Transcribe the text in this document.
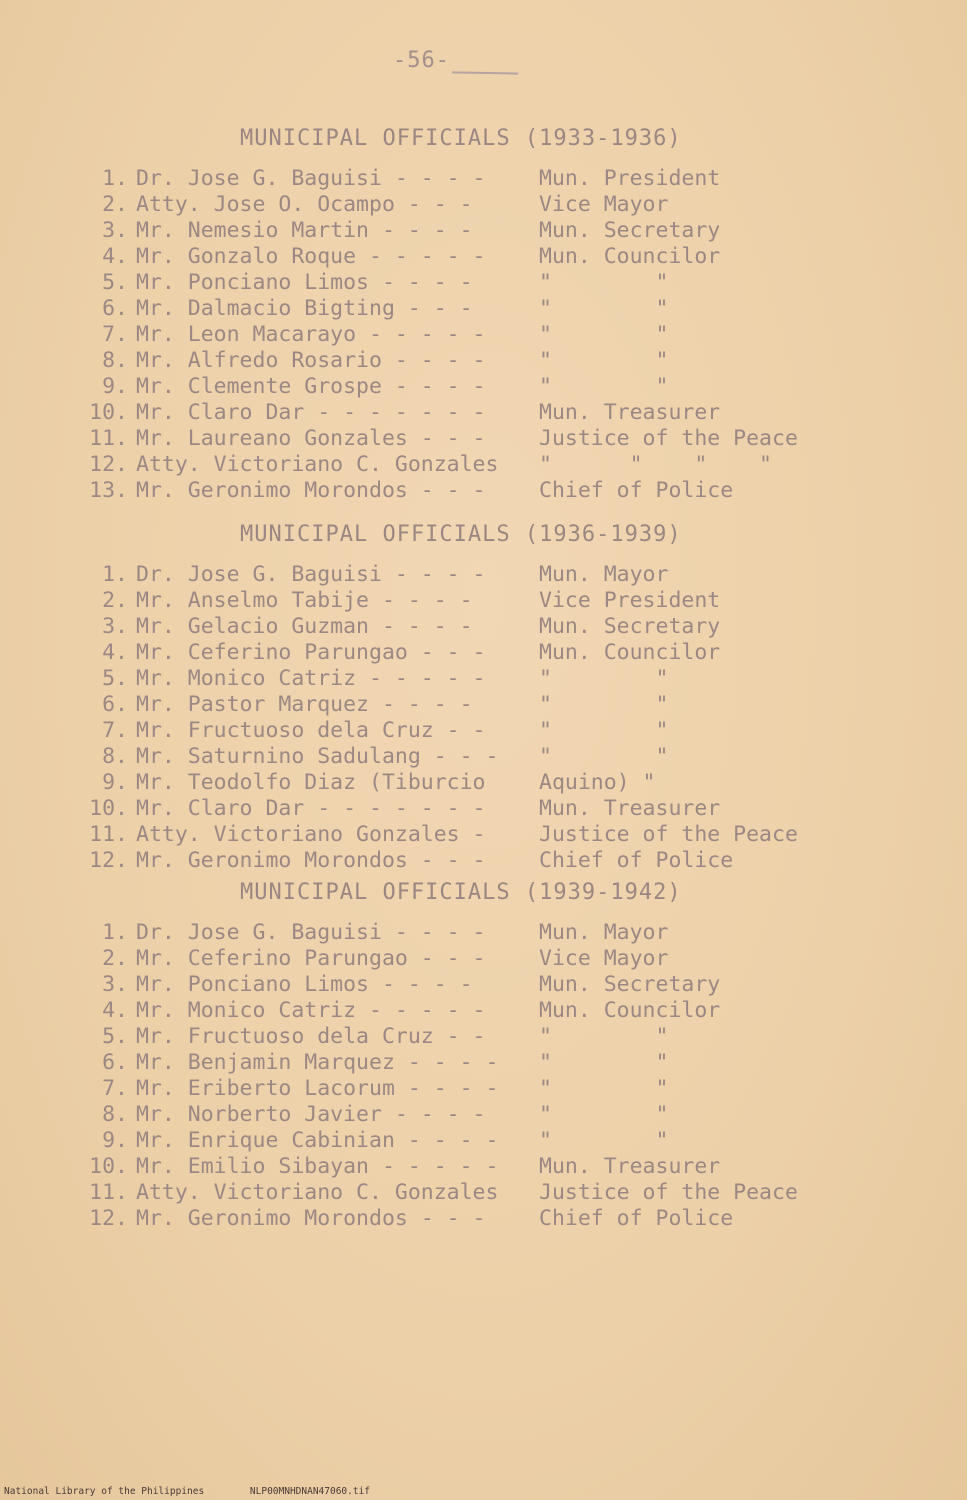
-56-
MUNICIPAL OFFICIALS (1933-1936)
1. Dr. Jose G. Baguisi - - - - Mun. President
2. Atty. Jose O. Ocampo - - -	Vice Mayor
3. Mr. Nemesio Martin - - - -	Mun. Secretary
4. Mr. Gonzalo Roque - - - - - Mun. Councilor
5. Mr. Ponciano Limos - - - -	"        "
6. Mr. Dalmacio Bigting - - -	"        "
7. Mr. Leon Macarayo - - - - - "        "
8. Mr. Alfredo Rosario - - - - "        "
9. Mr. Clemente Grospe - - - - "        "
10. Mr. Claro Dar - - - - - - - Mun. Treasurer
11. Mr. Laureano Gonzales - - - Justice of the Peace
12. Atty. Victoriano C. Gonzales "      "    "    "
13. Mr. Geronimo Morondos - - - Chief of Police
MUNICIPAL OFFICIALS (1936-1939)
1. Dr. Jose G. Baguisi - - - - Mun. Mayor
2. Mr. Anselmo Tabije - - - -	Vice President
3. Mr. Gelacio Guzman - - - -	Mun. Secretary
4. Mr. Ceferino Parungao - - - Mun. Councilor
5. Mr. Monico Catriz - - - - - "        "
6. Mr. Pastor Marquez - - - -	"        "
7. Mr. Fructuoso dela Cruz - - "        "
8. Mr. Saturnino Sadulang - - - "        "
9. Mr. Teodolfo Diaz (Tiburcio Aquino) "
10. Mr. Claro Dar - - - - - - - Mun. Treasurer
11. Atty. Victoriano Gonzales - Justice of the Peace
12. Mr. Geronimo Morondos - - - Chief of Police
MUNICIPAL OFFICIALS (1939-1942)
1. Dr. Jose G. Baguisi - - - - Mun. Mayor
2. Mr. Ceferino Parungao - - - Vice Mayor
3. Mr. Ponciano Limos - - - -	Mun. Secretary
4. Mr. Monico Catriz - - - - - Mun. Councilor
5. Mr. Fructuoso dela Cruz - - "        "
6. Mr. Benjamin Marquez - - - - "        "
7. Mr. Eriberto Lacorum - - - - "        "
8. Mr. Norberto Javier - - - - "        "
9. Mr. Enrique Cabinian - - - - "        "
10. Mr. Emilio Sibayan - - - - - Mun. Treasurer
11. Atty. Victoriano C. Gonzales Justice of the Peace
12. Mr. Geronimo Morondos - - - Chief of Police
National Library of the Philippines	NLP00MNHDNAN47060.tif
